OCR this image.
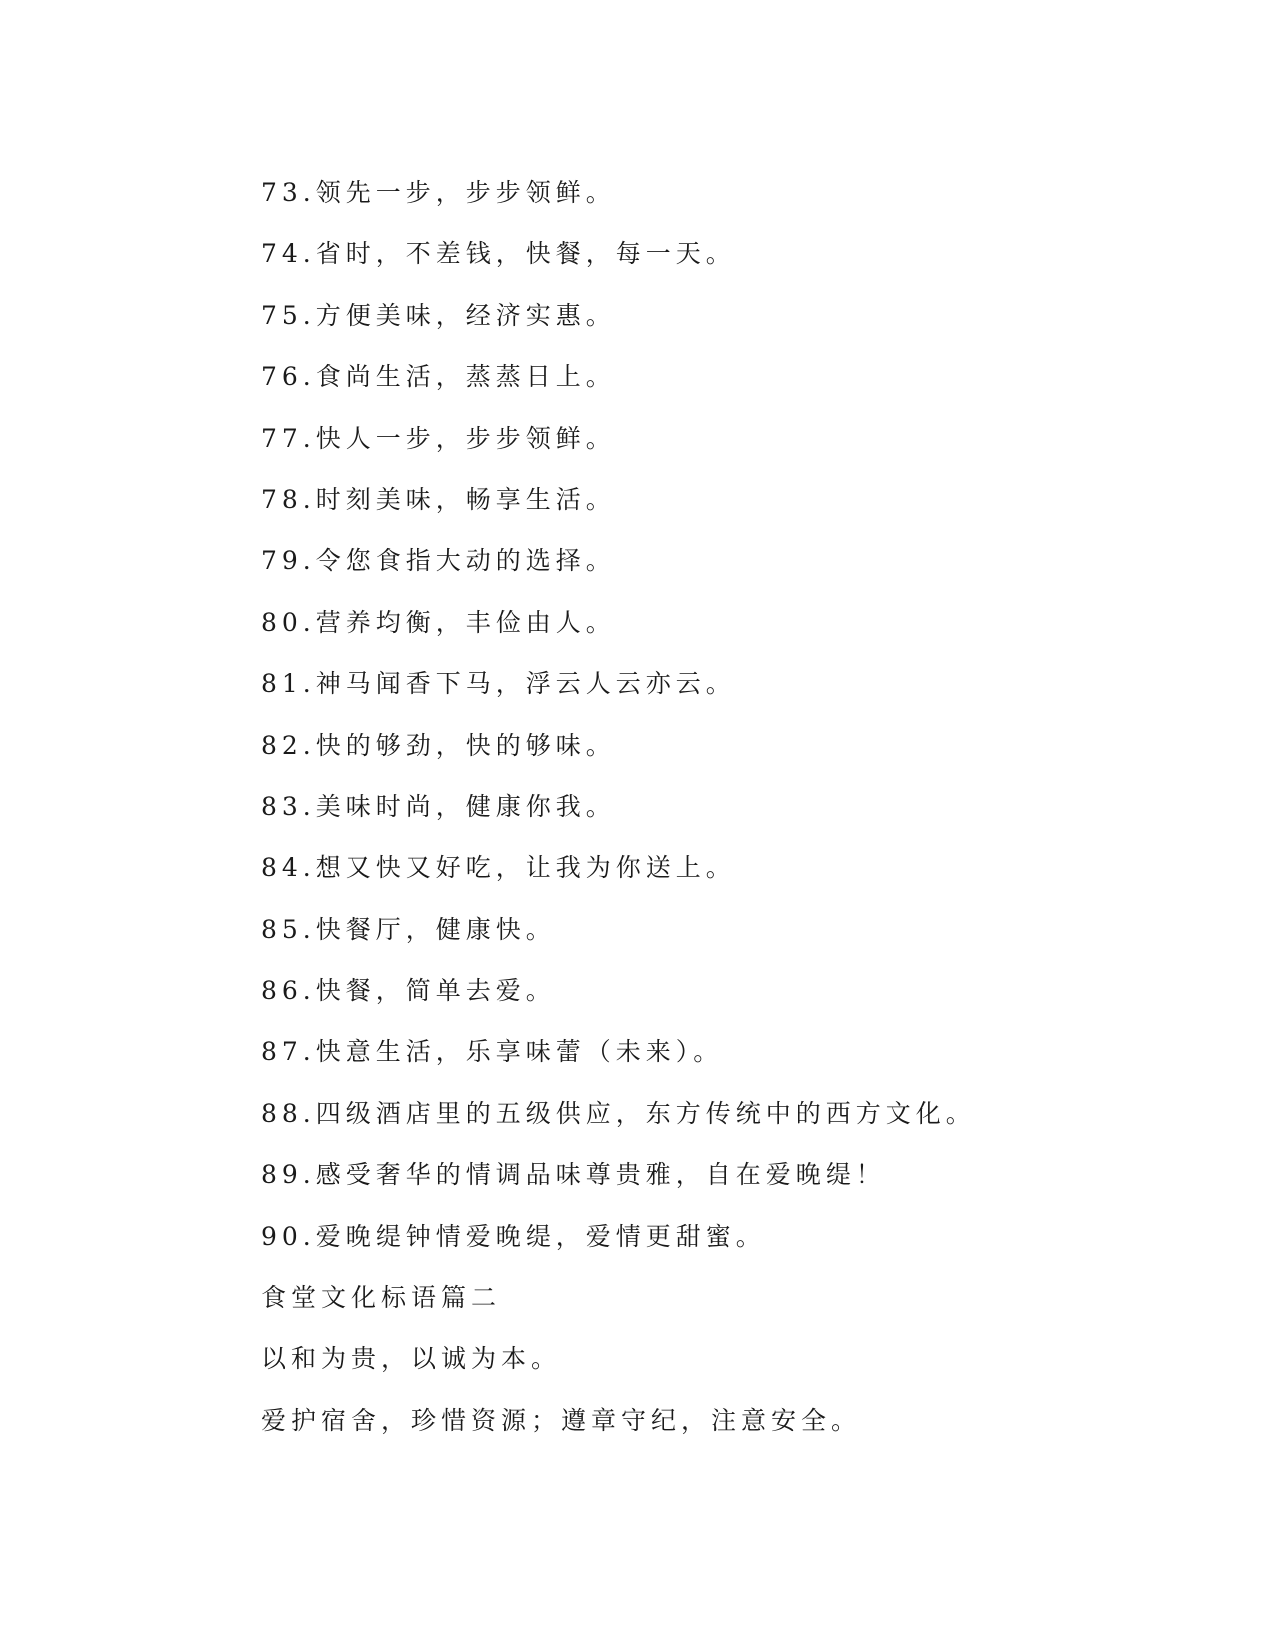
73.领先一步，步步领鲜。
74.省时，不差钱，快餐，每一天。
75.方便美味，经济实惠。
76.食尚生活，蒸蒸日上。
77.快人一步，步步领鲜。
78.时刻美味，畅享生活。
79.令您食指大动的选择。
80.营养均衡，丰俭由人。
81.神马闻香下马，浮云人云亦云。
82.快的够劲，快的够味。
83.美味时尚，健康你我。
84.想又快又好吃，让我为你送上。
85.快餐厅，健康快。
86.快餐，简单去爱。
87.快意生活，乐享味蕾（未来）。
88.四级酒店里的五级供应，东方传统中的西方文化。
89.感受奢华的情调品味尊贵雅，自在爱晚缇！
90.爱晚缇钟情爱晚缇，爱情更甜蜜。
食堂文化标语篇二
以和为贵，以诚为本。
爱护宿舍，珍惜资源；遵章守纪，注意安全。
